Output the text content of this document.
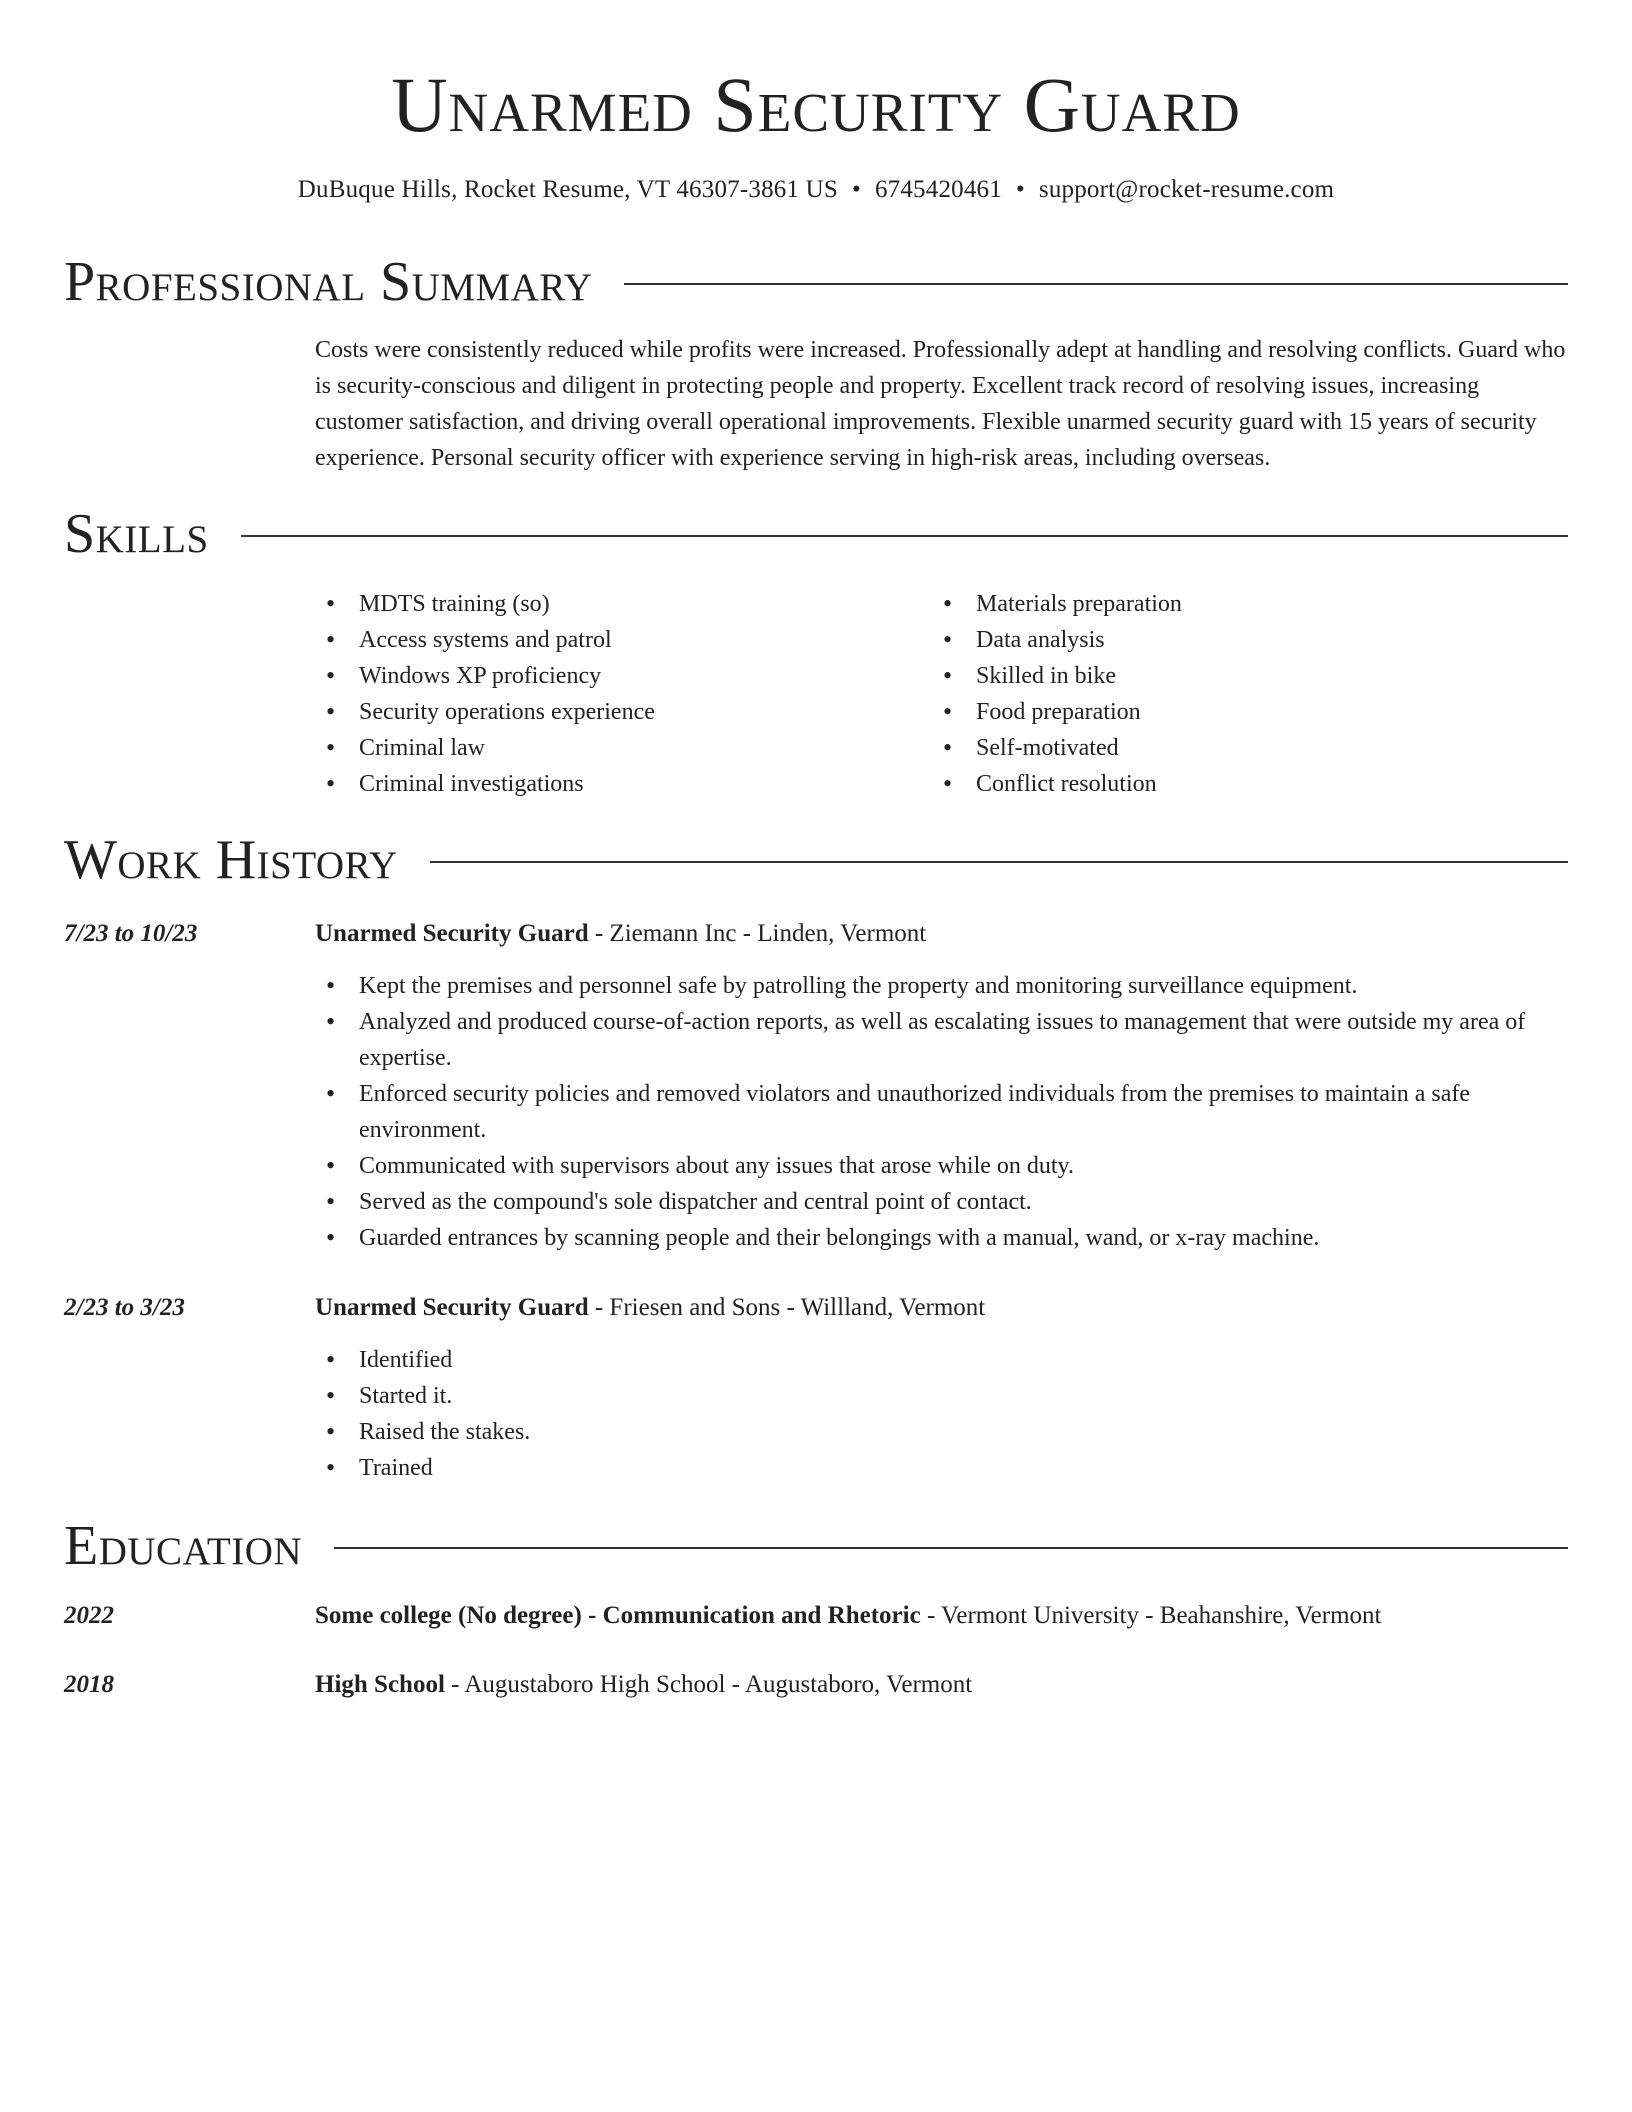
Unarmed Security Guard
DuBuque Hills, Rocket Resume, VT 46307-3861 US • 6745420461 • support@rocket-resume.com
Professional Summary
Costs were consistently reduced while profits were increased. Professionally adept at handling and resolving conflicts. Guard who is security-conscious and diligent in protecting people and property. Excellent track record of resolving issues, increasing customer satisfaction, and driving overall operational improvements. Flexible unarmed security guard with 15 years of security experience. Personal security officer with experience serving in high-risk areas, including overseas.
Skills
• MDTS training (so)
• Access systems and patrol
• Windows XP proficiency
• Security operations experience
• Criminal law
• Criminal investigations
• Materials preparation
• Data analysis
• Skilled in bike
• Food preparation
• Self-motivated
• Conflict resolution
Work History
7/23 to 10/23	Unarmed Security Guard - Ziemann Inc - Linden, Vermont
• Kept the premises and personnel safe by patrolling the property and monitoring surveillance equipment.
• Analyzed and produced course-of-action reports, as well as escalating issues to management that were outside my area of expertise.
• Enforced security policies and removed violators and unauthorized individuals from the premises to maintain a safe environment.
• Communicated with supervisors about any issues that arose while on duty.
• Served as the compound's sole dispatcher and central point of contact.
• Guarded entrances by scanning people and their belongings with a manual, wand, or x-ray machine.
2/23 to 3/23	Unarmed Security Guard - Friesen and Sons - Willland, Vermont
• Identified
• Started it.
• Raised the stakes.
• Trained
Education
2022	Some college (No degree) - Communication and Rhetoric - Vermont University - Beahanshire, Vermont
2018	High School - Augustaboro High School - Augustaboro, Vermont
